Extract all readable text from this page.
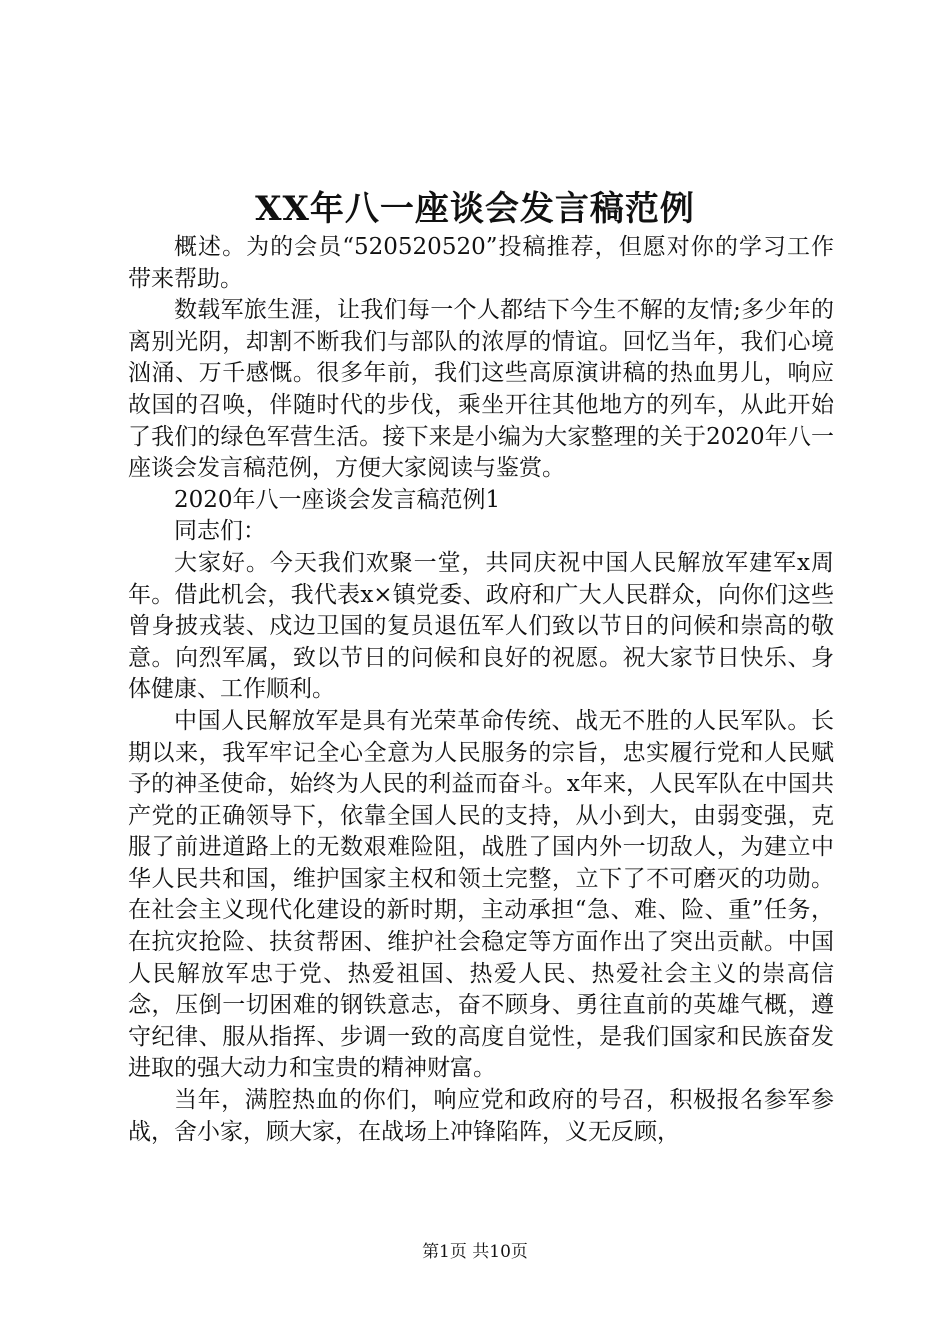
XX年八一座谈会发言稿范例

概述。为的会员“520520520”投稿推荐，但愿对你的学习工作带来帮助。

数载军旅生涯，让我们每一个人都结下今生不解的友情;多少年的离别光阴，却割不断我们与部队的浓厚的情谊。回忆当年，我们心境汹涌、万千感慨。很多年前，我们这些高原演讲稿的热血男儿，响应故国的召唤，伴随时代的步伐，乘坐开往其他地方的列车，从此开始了我们的绿色军营生活。接下来是小编为大家整理的关于2020年八一座谈会发言稿范例，方便大家阅读与鉴赏。

2020年八一座谈会发言稿范例1

同志们：

大家好。今天我们欢聚一堂，共同庆祝中国人民解放军建军x周年。借此机会，我代表x×镇党委、政府和广大人民群众，向你们这些曾身披戎装、戍边卫国的复员退伍军人们致以节日的问候和崇高的敬意。向烈军属，致以节日的问候和良好的祝愿。祝大家节日快乐、身体健康、工作顺利。

中国人民解放军是具有光荣革命传统、战无不胜的人民军队。长期以来，我军牢记全心全意为人民服务的宗旨，忠实履行党和人民赋予的神圣使命，始终为人民的利益而奋斗。x年来，人民军队在中国共产党的正确领导下，依靠全国人民的支持，从小到大，由弱变强，克服了前进道路上的无数艰难险阻，战胜了国内外一切敌人，为建立中华人民共和国，维护国家主权和领土完整，立下了不可磨灭的功勋。在社会主义现代化建设的新时期，主动承担“急、难、险、重”任务，在抗灾抢险、扶贫帮困、维护社会稳定等方面作出了突出贡献。中国人民解放军忠于党、热爱祖国、热爱人民、热爱社会主义的崇高信念，压倒一切困难的钢铁意志，奋不顾身、勇往直前的英雄气概，遵守纪律、服从指挥、步调一致的高度自觉性，是我们国家和民族奋发进取的强大动力和宝贵的精神财富。

当年，满腔热血的你们，响应党和政府的号召，积极报名参军参战，舍小家，顾大家，在战场上冲锋陷阵，义无反顾，

第1页 共10页
